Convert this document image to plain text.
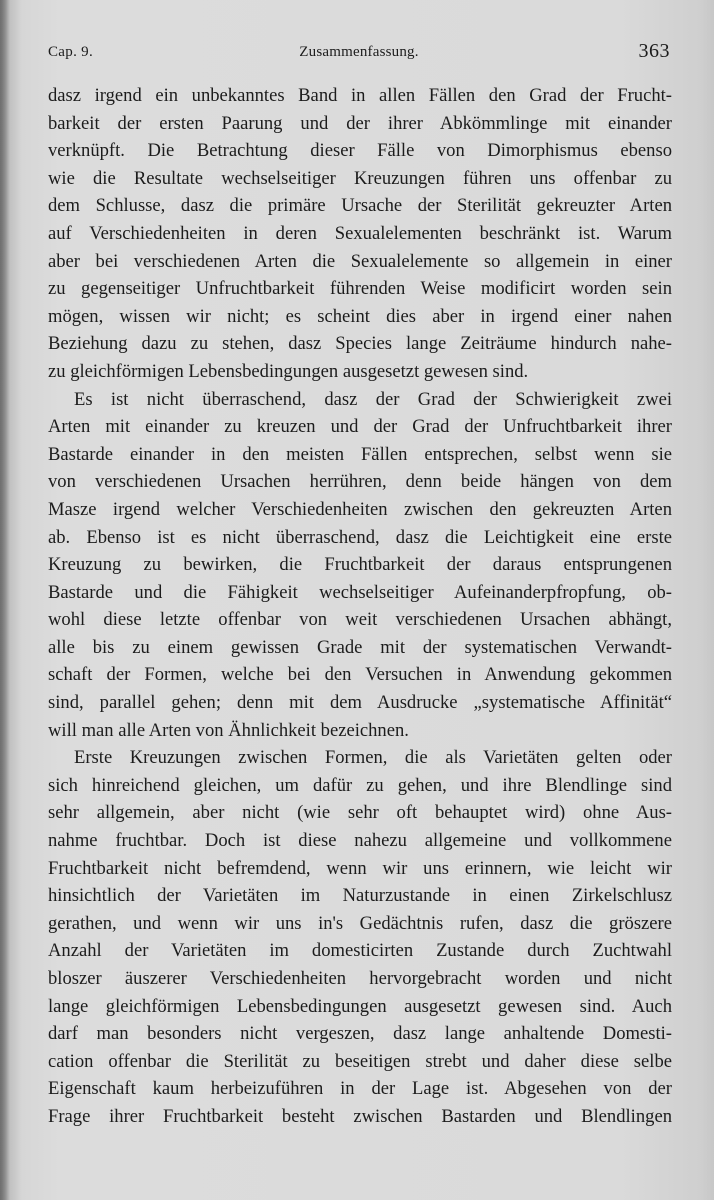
Cap. 9.	Zusammenfassung.	363
dasz irgend ein unbekanntes Band in allen Fällen den Grad der Frucht-
barkeit der ersten Paarung und der ihrer Abkömmlinge mit einander
verknüpft. Die Betrachtung dieser Fälle von Dimorphismus ebenso
wie die Resultate wechselseitiger Kreuzungen führen uns offenbar zu
dem Schlusse, dasz die primäre Ursache der Sterilität gekreuzter Arten
auf Verschiedenheiten in deren Sexualelementen beschränkt ist. Warum
aber bei verschiedenen Arten die Sexualelemente so allgemein in einer
zu gegenseitiger Unfruchtbarkeit führenden Weise modificirt worden sein
mögen, wissen wir nicht; es scheint dies aber in irgend einer nahen
Beziehung dazu zu stehen, dasz Species lange Zeiträume hindurch nahe-
zu gleichförmigen Lebensbedingungen ausgesetzt gewesen sind.
Es ist nicht überraschend, dasz der Grad der Schwierigkeit zwei
Arten mit einander zu kreuzen und der Grad der Unfruchtbarkeit ihrer
Bastarde einander in den meisten Fällen entsprechen, selbst wenn sie
von verschiedenen Ursachen herrühren, denn beide hängen von dem
Masze irgend welcher Verschiedenheiten zwischen den gekreuzten Arten
ab. Ebenso ist es nicht überraschend, dasz die Leichtigkeit eine erste
Kreuzung zu bewirken, die Fruchtbarkeit der daraus entsprungenen
Bastarde und die Fähigkeit wechselseitiger Aufeinanderpfropfung, ob-
wohl diese letzte offenbar von weit verschiedenen Ursachen abhängt,
alle bis zu einem gewissen Grade mit der systematischen Verwandt-
schaft der Formen, welche bei den Versuchen in Anwendung gekommen
sind, parallel gehen; denn mit dem Ausdrucke „systematische Affinität“
will man alle Arten von Ähnlichkeit bezeichnen.
Erste Kreuzungen zwischen Formen, die als Varietäten gelten oder
sich hinreichend gleichen, um dafür zu gehen, und ihre Blendlinge sind
sehr allgemein, aber nicht (wie sehr oft behauptet wird) ohne Aus-
nahme fruchtbar. Doch ist diese nahezu allgemeine und vollkommene
Fruchtbarkeit nicht befremdend, wenn wir uns erinnern, wie leicht wir
hinsichtlich der Varietäten im Naturzustande in einen Zirkelschlusz
gerathen, und wenn wir uns in's Gedächtnis rufen, dasz die gröszere
Anzahl der Varietäten im domesticirten Zustande durch Zuchtwahl
bloszer äuszerer Verschiedenheiten hervorgebracht worden und nicht
lange gleichförmigen Lebensbedingungen ausgesetzt gewesen sind. Auch
darf man besonders nicht vergeszen, dasz lange anhaltende Domesti-
cation offenbar die Sterilität zu beseitigen strebt und daher diese selbe
Eigenschaft kaum herbeizuführen in der Lage ist. Abgesehen von der
Frage ihrer Fruchtbarkeit besteht zwischen Bastarden und Blendlingen
